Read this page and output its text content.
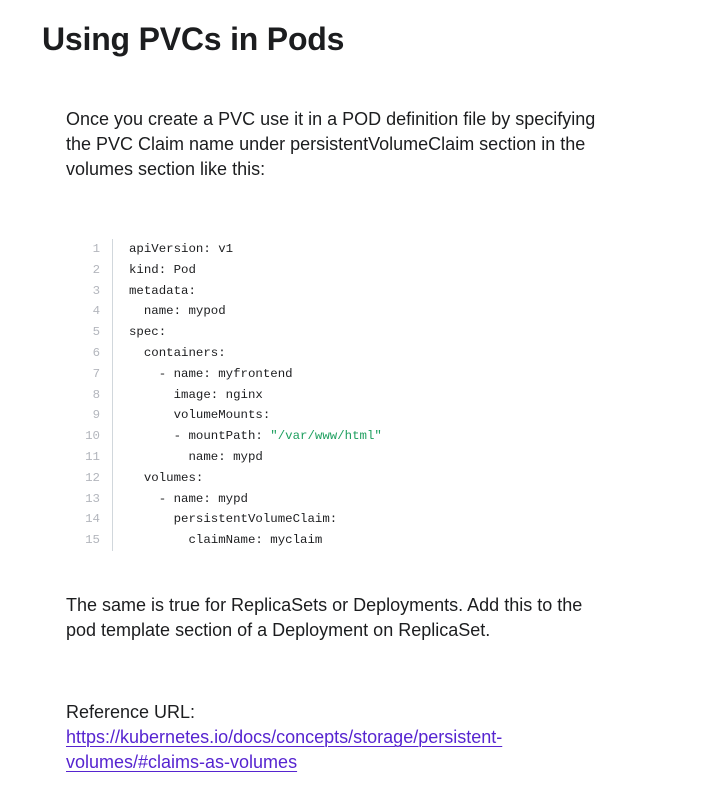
Using PVCs in Pods

Once you create a PVC use it in a POD definition file by specifying the PVC Claim name under persistentVolumeClaim section in the volumes section like this:

1	apiVersion: v1
2	kind: Pod
3	metadata:
4	name: mypod
5	spec:
6	containers:
7	- name: myfrontend
8	image: nginx
9	volumeMounts:
10	- mountPath: "/var/www/html"
11	name: mypd
12	volumes:
13	- name: mypd
14	persistentVolumeClaim:
15	claimName: myclaim

The same is true for ReplicaSets or Deployments. Add this to the pod template section of a Deployment on ReplicaSet.

Reference URL: https://kubernetes.io/docs/concepts/storage/persistent-volumes/#claims-as-volumes
